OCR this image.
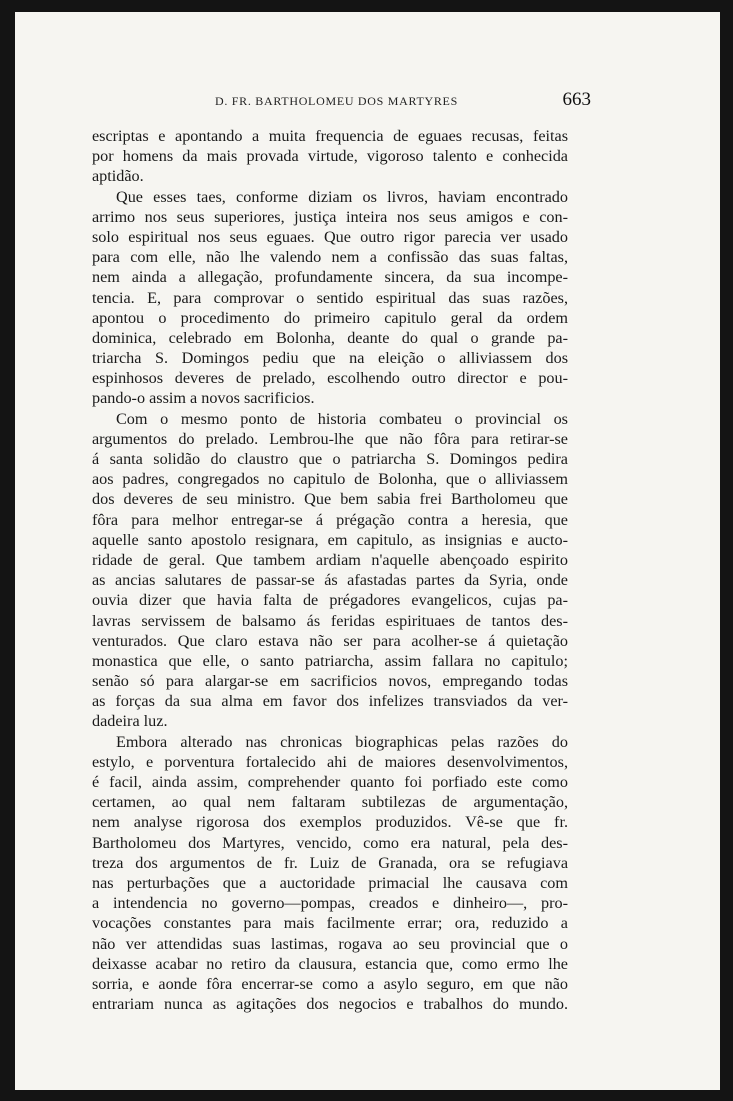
D. FR. BARTHOLOMEU DOS MARTYRES	663
escriptas e apontando a muita frequencia de eguaes recusas, feitas
por homens da mais provada virtude, vigoroso talento e conhecida
aptidão.
Que esses taes, conforme diziam os livros, haviam encontrado
arrimo nos seus superiores, justiça inteira nos seus amigos e con-
solo espiritual nos seus eguaes. Que outro rigor parecia ver usado
para com elle, não lhe valendo nem a confissão das suas faltas,
nem ainda a allegação, profundamente sincera, da sua incompe-
tencia. E, para comprovar o sentido espiritual das suas razões,
apontou o procedimento do primeiro capitulo geral da ordem
dominica, celebrado em Bolonha, deante do qual o grande pa-
triarcha S. Domingos pediu que na eleição o alliviassem dos
espinhosos deveres de prelado, escolhendo outro director e pou-
pando-o assim a novos sacrificios.
Com o mesmo ponto de historia combateu o provincial os
argumentos do prelado. Lembrou-lhe que não fôra para retirar-se
á santa solidão do claustro que o patriarcha S. Domingos pedira
aos padres, congregados no capitulo de Bolonha, que o alliviassem
dos deveres de seu ministro. Que bem sabia frei Bartholomeu que
fôra para melhor entregar-se á prégação contra a heresia, que
aquelle santo apostolo resignara, em capitulo, as insignias e aucto-
ridade de geral. Que tambem ardiam n'aquelle abençoado espirito
as ancias salutares de passar-se ás afastadas partes da Syria, onde
ouvia dizer que havia falta de prégadores evangelicos, cujas pa-
lavras servissem de balsamo ás feridas espirituaes de tantos des-
venturados. Que claro estava não ser para acolher-se á quietação
monastica que elle, o santo patriarcha, assim fallara no capitulo;
senão só para alargar-se em sacrificios novos, empregando todas
as forças da sua alma em favor dos infelizes transviados da ver-
dadeira luz.
Embora alterado nas chronicas biographicas pelas razões do
estylo, e porventura fortalecido ahi de maiores desenvolvimentos,
é facil, ainda assim, comprehender quanto foi porfiado este como
certamen, ao qual nem faltaram subtilezas de argumentação,
nem analyse rigorosa dos exemplos produzidos. Vê-se que fr.
Bartholomeu dos Martyres, vencido, como era natural, pela des-
treza dos argumentos de fr. Luiz de Granada, ora se refugiava
nas perturbações que a auctoridade primacial lhe causava com
a intendencia no governo—pompas, creados e dinheiro—, pro-
vocações constantes para mais facilmente errar; ora, reduzido a
não ver attendidas suas lastimas, rogava ao seu provincial que o
deixasse acabar no retiro da clausura, estancia que, como ermo lhe
sorria, e aonde fôra encerrar-se como a asylo seguro, em que não
entrariam nunca as agitações dos negocios e trabalhos do mundo.
